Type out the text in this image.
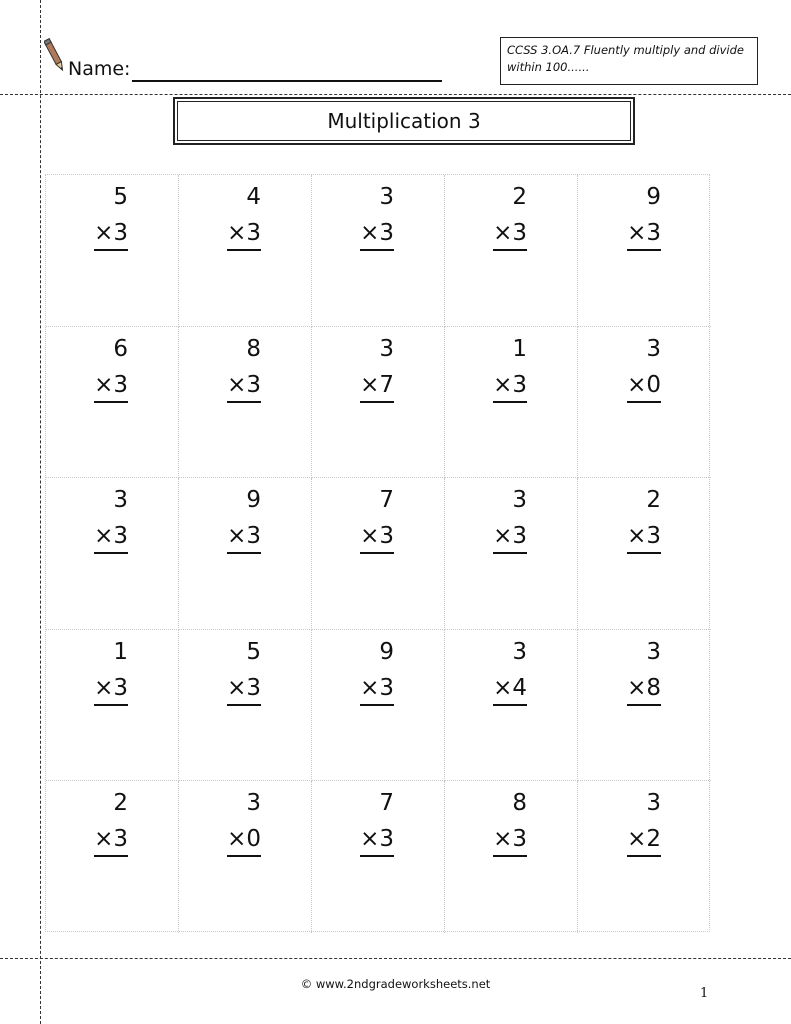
Name:
CCSS 3.OA.7 Fluently multiply and divide within 100......
Multiplication 3
5
×3
4
×3
3
×3
2
×3
9
×3
6
×3
8
×3
3
×7
1
×3
3
×0
3
×3
9
×3
7
×3
3
×3
2
×3
1
×3
5
×3
9
×3
3
×4
3
×8
2
×3
3
×0
7
×3
8
×3
3
×2
© www.2ndgradeworksheets.net
1
